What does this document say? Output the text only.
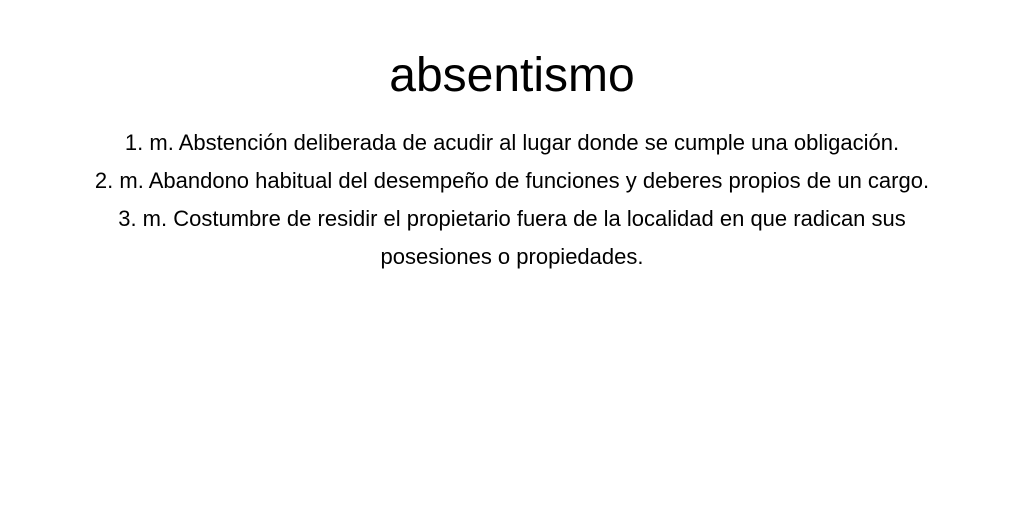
absentismo

1. m. Abstención deliberada de acudir al lugar donde se cumple una obligación.

2. m. Abandono habitual del desempeño de funciones y deberes propios de un cargo.

3. m. Costumbre de residir el propietario fuera de la localidad en que radican sus posesiones o propiedades.
